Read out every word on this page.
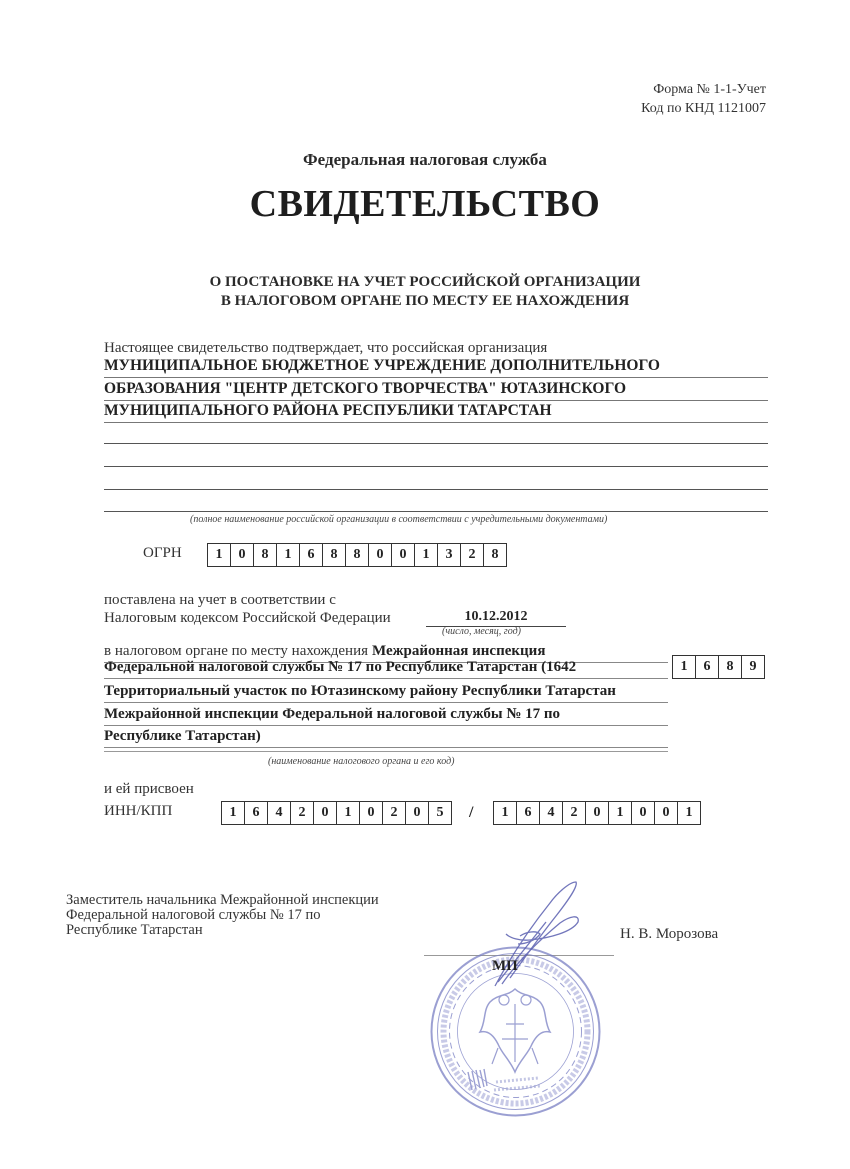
Форма № 1-1-Учет
Код по КНД 1121007
Федеральная налоговая служба
СВИДЕТЕЛЬСТВО
О ПОСТАНОВКЕ НА УЧЕТ РОССИЙСКОЙ ОРГАНИЗАЦИИ
В НАЛОГОВОМ ОРГАНЕ ПО МЕСТУ ЕЕ НАХОЖДЕНИЯ
Настоящее свидетельство подтверждает, что российская организация
МУНИЦИПАЛЬНОЕ БЮДЖЕТНОЕ УЧРЕЖДЕНИЕ ДОПОЛНИТЕЛЬНОГО
ОБРАЗОВАНИЯ "ЦЕНТР ДЕТСКОГО ТВОРЧЕСТВА" ЮТАЗИНСКОГО
МУНИЦИПАЛЬНОГО РАЙОНА РЕСПУБЛИКИ ТАТАРСТАН
(полное наименование российской организации в соответствии с учредительными документами)
ОГРН	1	0	8	1	6	8	8	0	0	1	3	2	8
поставлена на учет в соответствии с
Налоговым кодексом Российской Федерации	10.12.2012
(число, месяц, год)
в налоговом органе по месту нахождения Межрайонная инспекция
Федеральной налоговой службы № 17 по Республике Татарстан (1642
Территориальный участок по Ютазинскому району Республики Татарстан
Межрайонной инспекции Федеральной налоговой службы № 17 по
Республике Татарстан)
(наименование налогового органа и его код)
1	6	8	9
и ей присвоен
ИНН/КПП	1	6	4	2	0	1	0	2	0	5	/	1	6	4	2	0	1	0	0	1
Заместитель начальника Межрайонной инспекции
Федеральной налоговой службы № 17 по
Республике Татарстан	Н. В. Морозова
МП
